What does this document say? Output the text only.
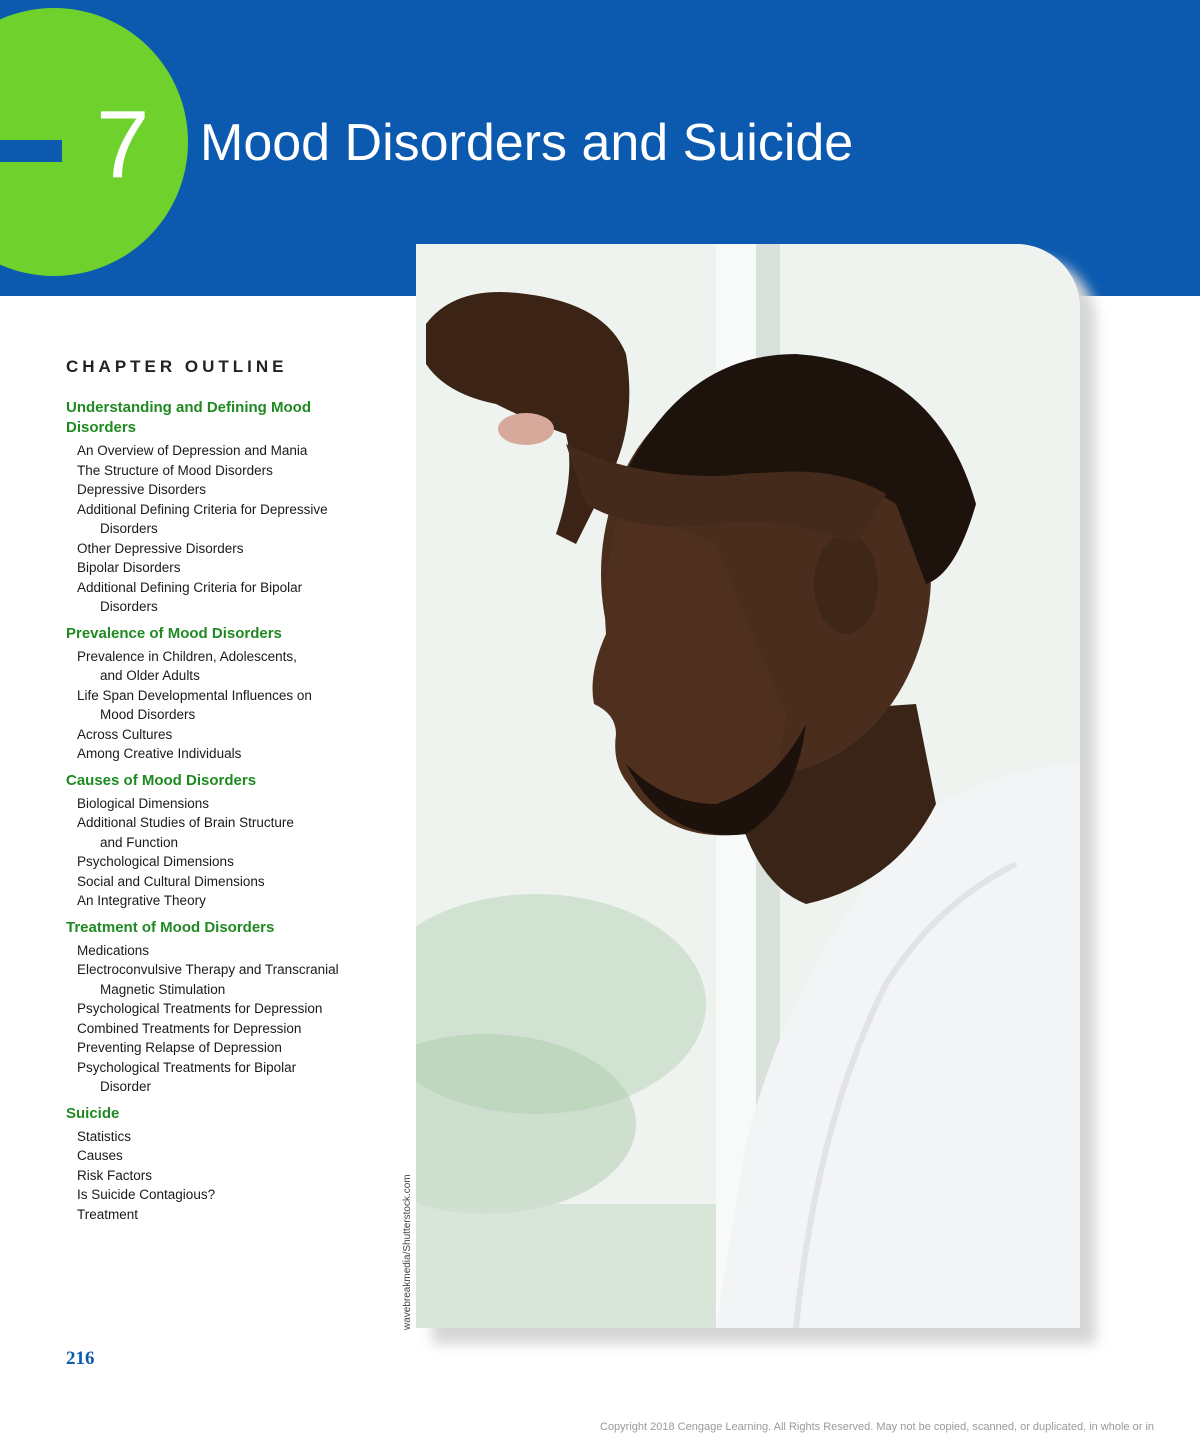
7 Mood Disorders and Suicide
wavebreakmedia/Shutterstock.com
CHAPTER OUTLINE
Understanding and Defining Mood Disorders
An Overview of Depression and Mania
The Structure of Mood Disorders
Depressive Disorders
Additional Defining Criteria for Depressive
Disorders
Other Depressive Disorders
Bipolar Disorders
Additional Defining Criteria for Bipolar
Disorders
Prevalence of Mood Disorders
Prevalence in Children, Adolescents,
and Older Adults
Life Span Developmental Influences on
Mood Disorders
Across Cultures
Among Creative Individuals
Causes of Mood Disorders
Biological Dimensions
Additional Studies of Brain Structure
and Function
Psychological Dimensions
Social and Cultural Dimensions
An Integrative Theory
Treatment of Mood Disorders
Medications
Electroconvulsive Therapy and Transcranial
Magnetic Stimulation
Psychological Treatments for Depression
Combined Treatments for Depression
Preventing Relapse of Depression
Psychological Treatments for Bipolar
Disorder
Suicide
Statistics
Causes
Risk Factors
Is Suicide Contagious?
Treatment
216
Copyright 2018 Cengage Learning. All Rights Reserved. May not be copied, scanned, or duplicated, in whole or in
